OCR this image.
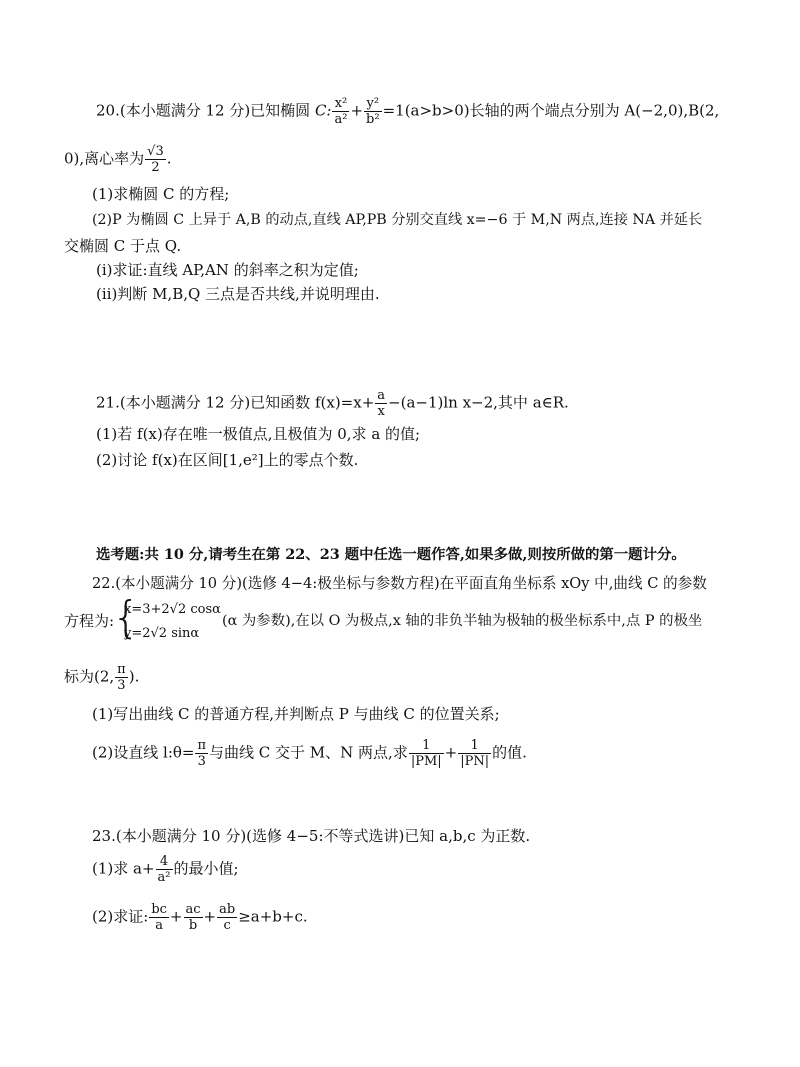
20.(本小题满分 12 分)已知椭圆 C: $\frac{\text{x²}}{\text{a²}} + \frac{\text{y²}}{\text{b²}} =1(a>b>0)$长轴的两个端点分别为 A(−2,0),B(2,
0),离心率为 $\frac{√3}{2}$ .
(1)求椭圆 C 的方程;
(2)P 为椭圆 C 上异于 A,B 的动点,直线 AP,PB 分别交直线 x=−6 于 M,N 两点,连接 NA 并延长
交椭圆 C 于点 Q.
(ⅰ)求证:直线 AP,AN 的斜率之积为定值;
(ⅱ)判断 M,B,Q 三点是否共线,并说明理由.
21.(本小题满分 12 分)已知函数 $f(x)=x+ \frac{a}{x} -(a-1)\ln$ x−2,其中 a∈R.
(1)若 f(x)存在唯一极值点,且极值为 0,求 a 的值;
(2)讨论 f(x)在区间[1,e²]上的零点个数.
选考题:共 10 分,请考生在第 22、23 题中任选一题作答,如果多做,则按所做的第一题计分。
22.(本小题满分 10 分)(选修 4−4:极坐标与参数方程)在平面直角坐标系 xOy 中,曲线 C 的参数
方程为:
{
x=3+2√2 cosα
y=2√2 sinα
(α 为参数),在以 O 为极点,x 轴的非负半轴为极轴的极坐标系中,点 P 的极坐
标为(2, $\frac{\pi}{3}$ ).
(1)写出曲线 C 的普通方程,并判断点 P 与曲线 C 的位置关系;
(2)设直线 l:θ= $\frac{\pi}{3}$ 与曲线 C 交于 M、N 两点,求 $\frac{1}{|PM|} + \frac{1}{|PN|}$ 的值.
23.(本小题满分 10 分)(选修 4−5:不等式选讲)已知 a,b,c 为正数.
(1)求 $a+ \frac{4}{\text{a²}}$ 的最小值;
(2)求证: $\frac{bc}{a} + \frac{ac}{b} + \frac{ab}{c} \ge a+b+c$.
